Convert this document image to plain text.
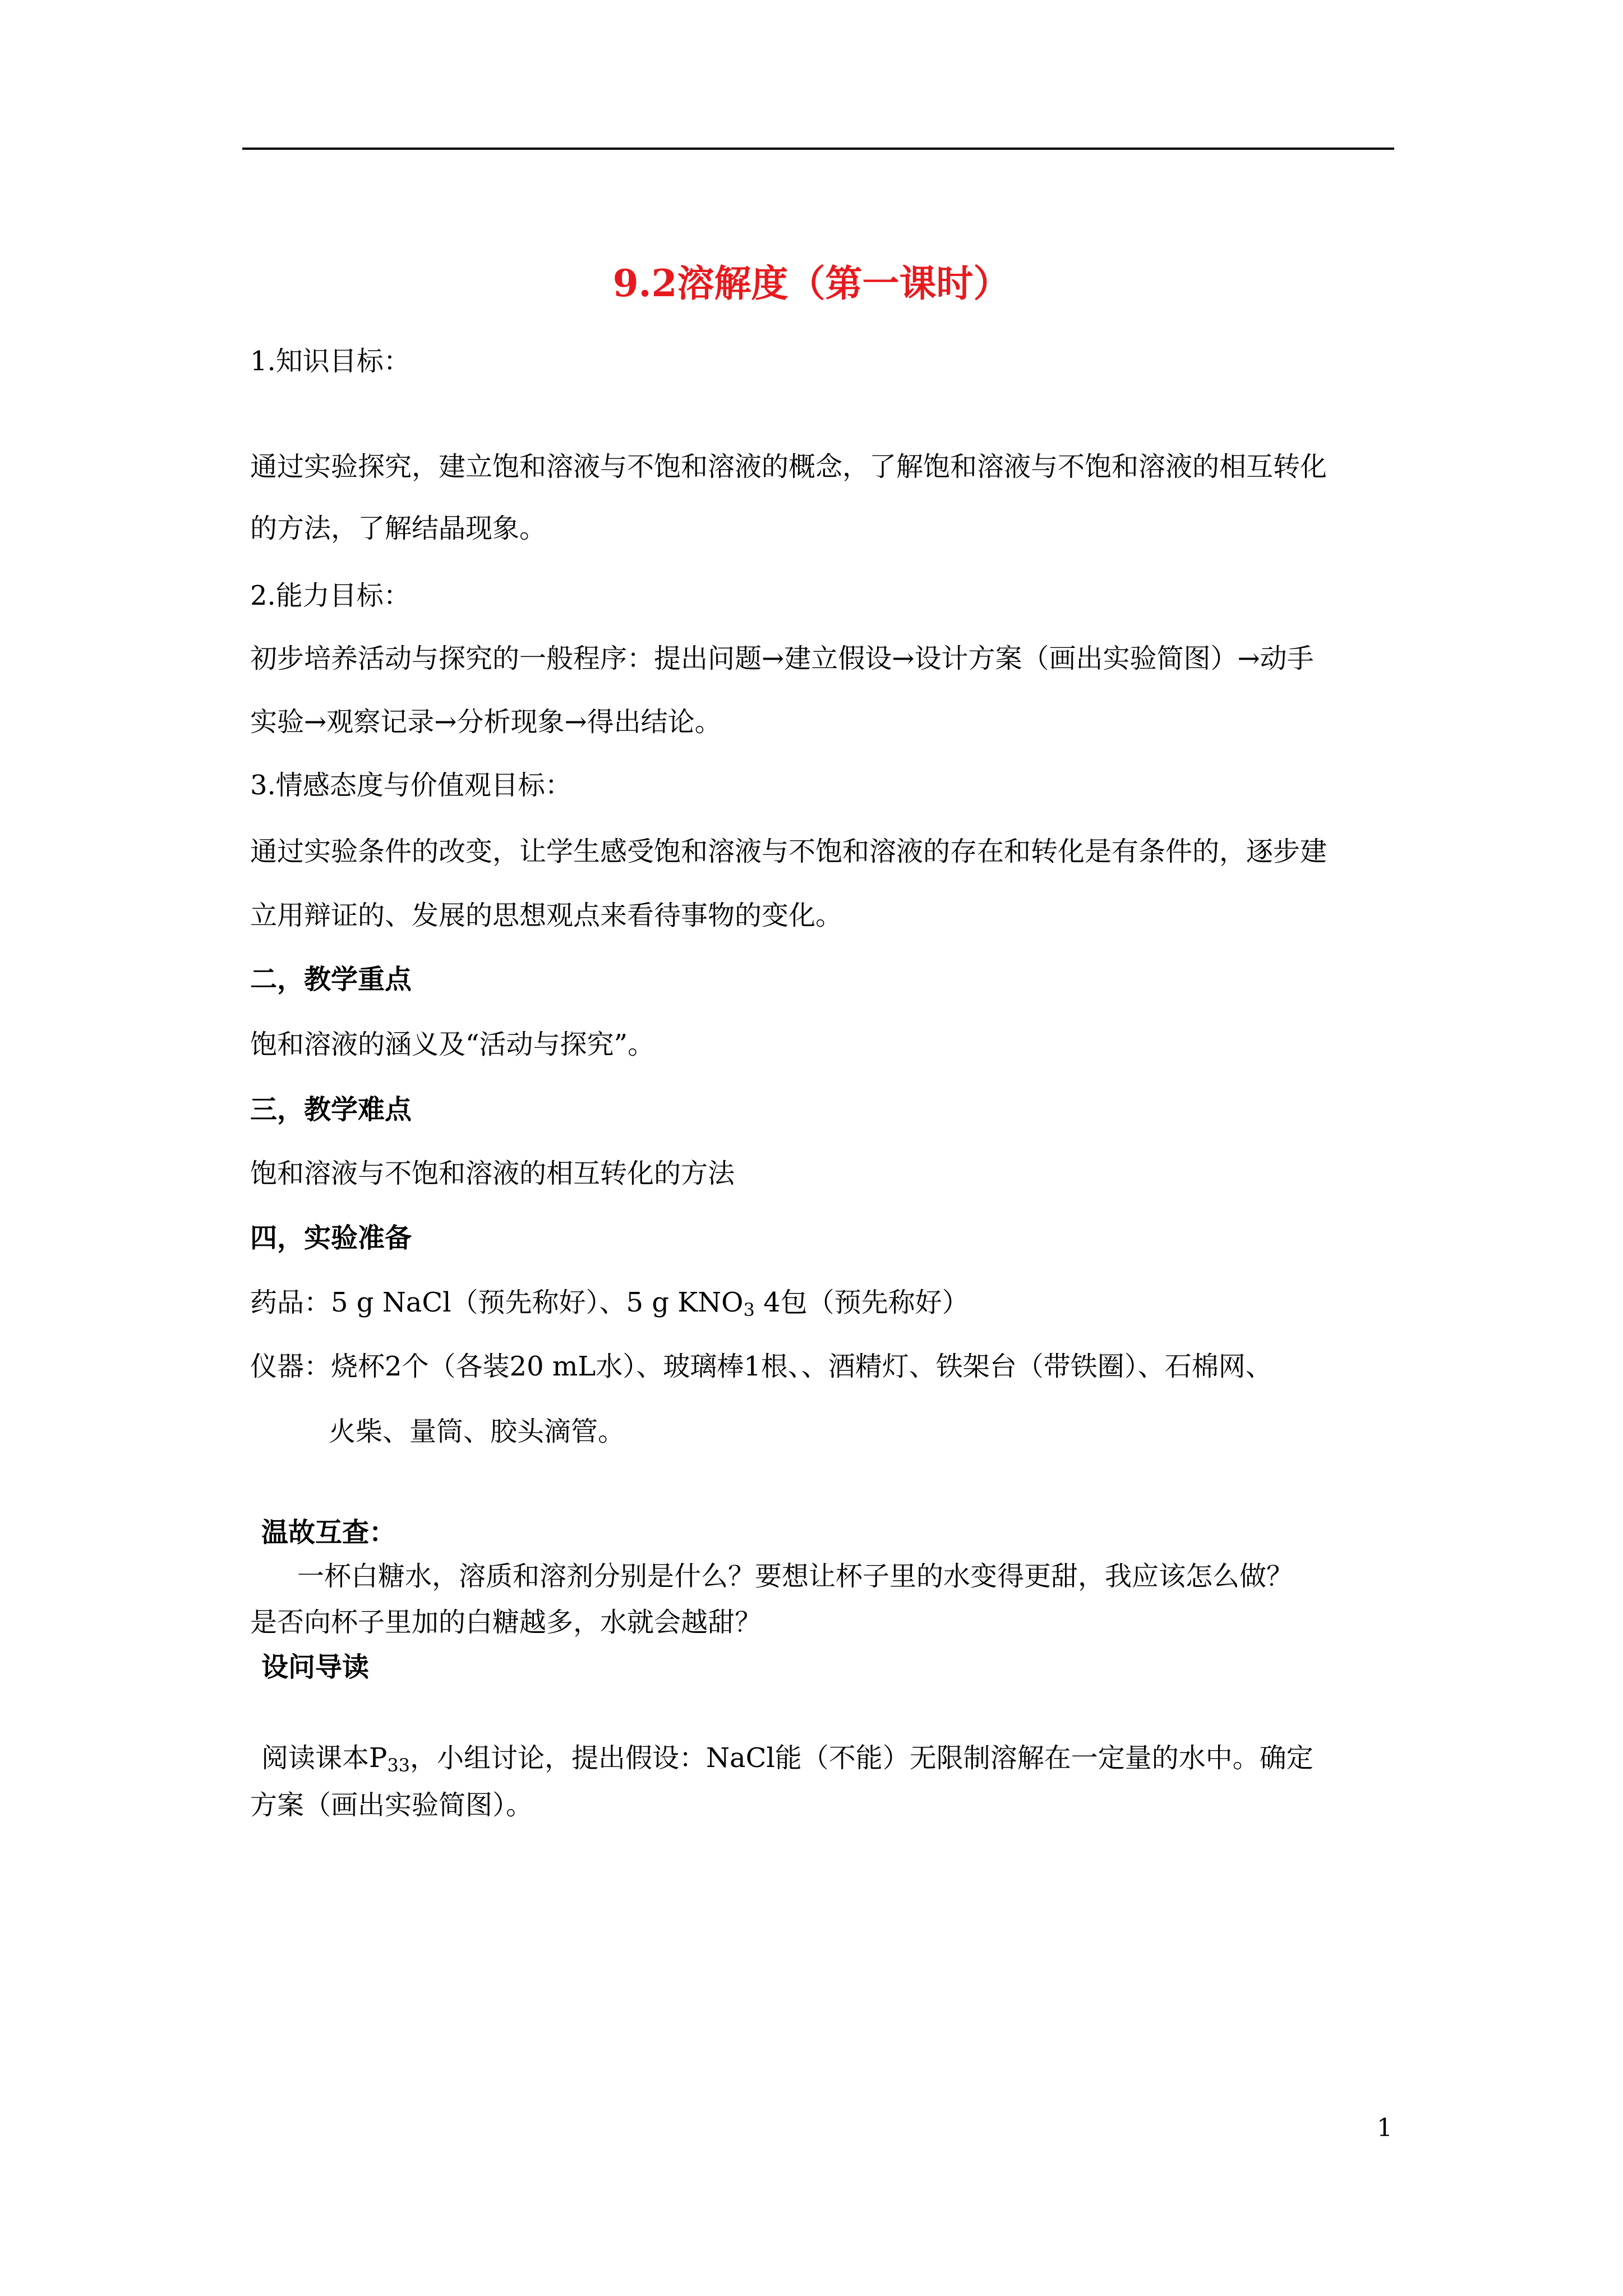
9.2溶解度（第一课时）
1.知识目标：
通过实验探究，建立饱和溶液与不饱和溶液的概念，了解饱和溶液与不饱和溶液的相互转化
的方法，了解结晶现象。
2.能力目标：
初步培养活动与探究的一般程序：提出问题→建立假设→设计方案（画出实验简图）→动手
实验→观察记录→分析现象→得出结论。
3.情感态度与价值观目标：
通过实验条件的改变，让学生感受饱和溶液与不饱和溶液的存在和转化是有条件的，逐步建
立用辩证的、发展的思想观点来看待事物的变化。
二，教学重点
饱和溶液的涵义及“活动与探究”。
三，教学难点
饱和溶液与不饱和溶液的相互转化的方法
四，实验准备
药品：5 g NaCl（预先称好）、5 g $KNO_3$ 4包（预先称好）
仪器：烧杯2个（各装20 mL水）、玻璃棒1根、、酒精灯、铁架台（带铁圈）、石棉网、
火柴、量筒、胶头滴管。
温故互查：
一杯白糖水，溶质和溶剂分别是什么？要想让杯子里的水变得更甜，我应该怎么做？
是否向杯子里加的白糖越多，水就会越甜？
设问导读
阅读课本$P_{33}$，小组讨论，提出假设：NaCl能（不能）无限制溶解在一定量的水中。确定
方案（画出实验简图）。
1
